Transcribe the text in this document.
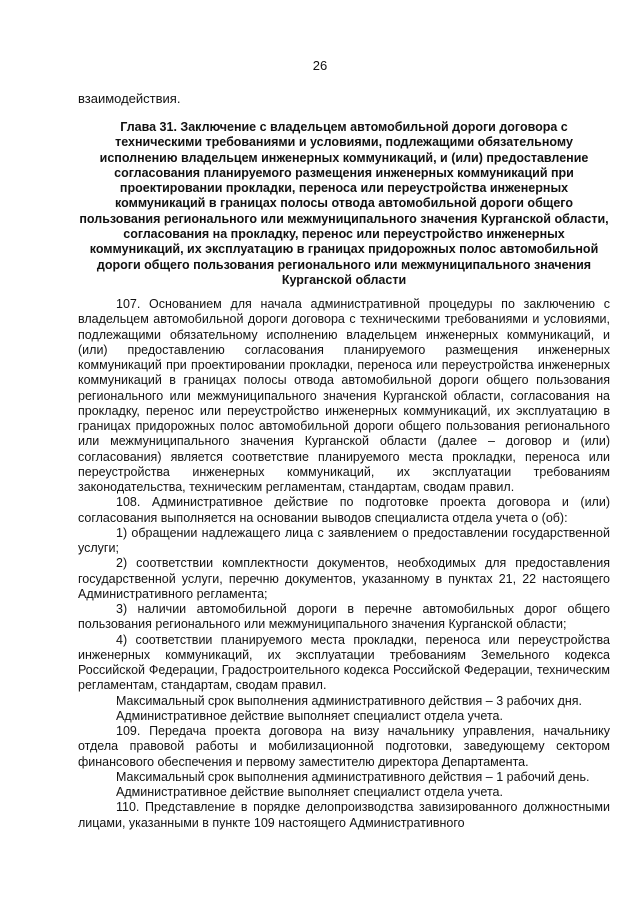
26
взаимодействия.
Глава 31. Заключение с владельцем автомобильной дороги договора с техническими требованиями и условиями, подлежащими обязательному исполнению владельцем инженерных коммуникаций, и (или) предоставление согласования планируемого размещения инженерных коммуникаций при проектировании прокладки, переноса или переустройства инженерных коммуникаций в границах полосы отвода автомобильной дороги общего пользования регионального или межмуниципального значения Курганской области, согласования на прокладку, перенос или переустройство инженерных коммуникаций, их эксплуатацию в границах придорожных полос автомобильной дороги общего пользования регионального или межмуниципального значения Курганской области

107. Основанием для начала административной процедуры по заключению с владельцем автомобильной дороги договора с техническими требованиями и условиями, подлежащими обязательному исполнению владельцем инженерных коммуникаций, и (или) предоставлению согласования планируемого размещения инженерных коммуникаций при проектировании прокладки, переноса или переустройства инженерных коммуникаций в границах полосы отвода автомобильной дороги общего пользования регионального или межмуниципального значения Курганской области, согласования на прокладку, перенос или переустройство инженерных коммуникаций, их эксплуатацию в границах придорожных полос автомобильной дороги общего пользования регионального или межмуниципального значения Курганской области (далее – договор и (или) согласования) является соответствие планируемого места прокладки, переноса или переустройства инженерных коммуникаций, их эксплуатации требованиям законодательства, техническим регламентам, стандартам, сводам правил.

108. Административное действие по подготовке проекта договора и (или) согласования выполняется на основании выводов специалиста отдела учета о (об):

1) обращении надлежащего лица с заявлением о предоставлении государственной услуги;

2) соответствии комплектности документов, необходимых для предоставления государственной услуги, перечню документов, указанному в пунктах 21, 22 настоящего Административного регламента;

3) наличии автомобильной дороги в перечне автомобильных дорог общего пользования регионального или межмуниципального значения Курганской области;

4) соответствии планируемого места прокладки, переноса или переустройства инженерных коммуникаций, их эксплуатации требованиям Земельного кодекса Российской Федерации, Градостроительного кодекса Российской Федерации, техническим регламентам, стандартам, сводам правил.

Максимальный срок выполнения административного действия – 3 рабочих дня.

Административное действие выполняет специалист отдела учета.

109. Передача проекта договора на визу начальнику управления, начальнику отдела правовой работы и мобилизационной подготовки, заведующему сектором финансового обеспечения и первому заместителю директора Департамента.

Максимальный срок выполнения административного действия – 1 рабочий день.

Административное действие выполняет специалист отдела учета.

110. Представление в порядке делопроизводства завизированного должностными лицами, указанными в пункте 109 настоящего Административного
